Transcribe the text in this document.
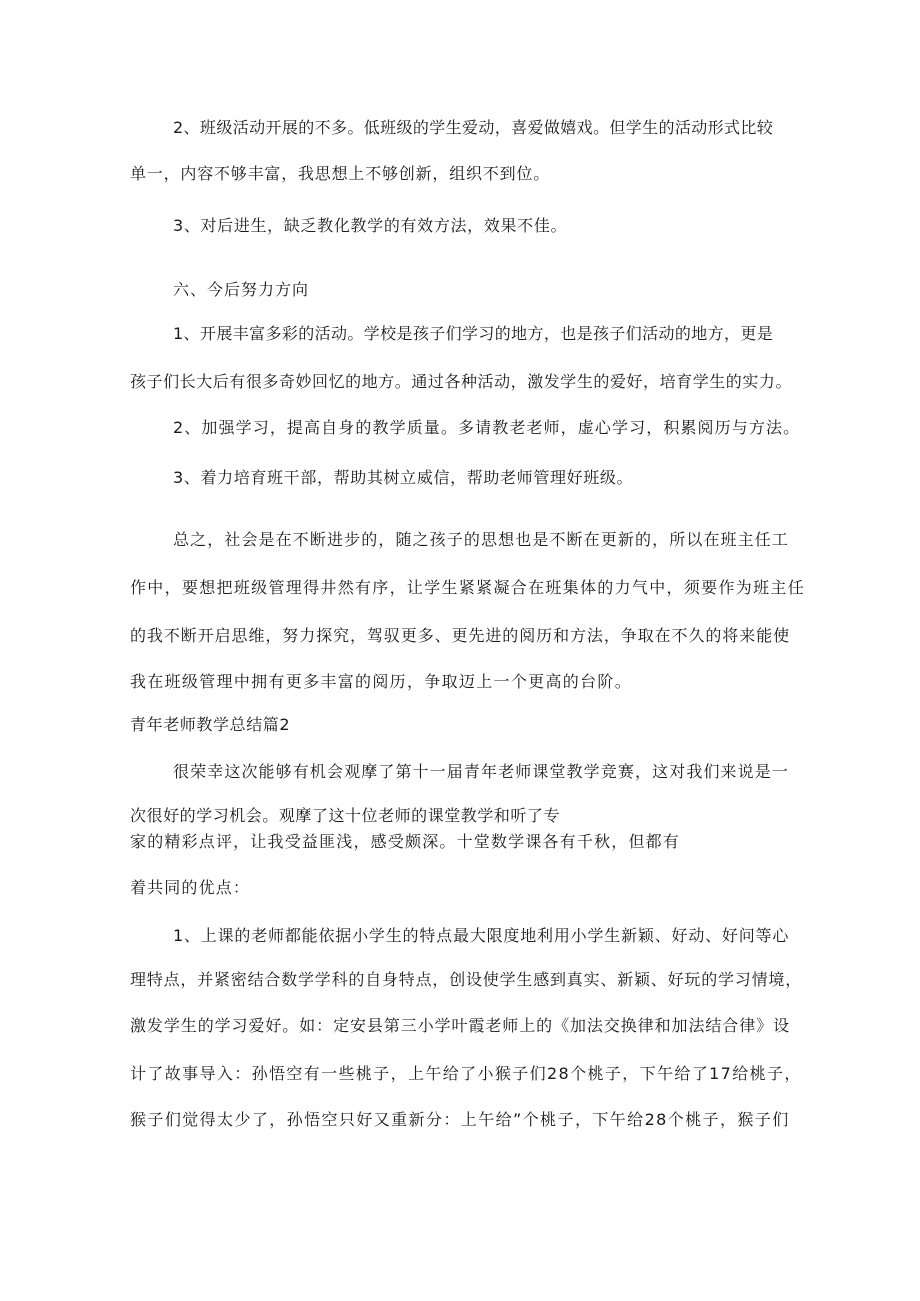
2、班级活动开展的不多。低班级的学生爱动，喜爱做嬉戏。但学生的活动形式比较

单一，内容不够丰富，我思想上不够创新，组织不到位。

3、对后进生，缺乏教化教学的有效方法，效果不佳。

六、今后努力方向

1、开展丰富多彩的活动。学校是孩子们学习的地方，也是孩子们活动的地方，更是

孩子们长大后有很多奇妙回忆的地方。通过各种活动，激发学生的爱好，培育学生的实力。

2、加强学习，提高自身的教学质量。多请教老老师，虚心学习，积累阅历与方法。

3、着力培育班干部，帮助其树立威信，帮助老师管理好班级。

总之，社会是在不断进步的，随之孩子的思想也是不断在更新的，所以在班主任工

作中，要想把班级管理得井然有序，让学生紧紧凝合在班集体的力气中，须要作为班主任

的我不断开启思维，努力探究，驾驭更多、更先进的阅历和方法，争取在不久的将来能使

我在班级管理中拥有更多丰富的阅历，争取迈上一个更高的台阶。

青年老师教学总结篇2

很荣幸这次能够有机会观摩了第十一届青年老师课堂教学竞赛，这对我们来说是一

次很好的学习机会。观摩了这十位老师的课堂教学和听了专

家的精彩点评，让我受益匪浅，感受颇深。十堂数学课各有千秋，但都有

着共同的优点：

1、上课的老师都能依据小学生的特点最大限度地利用小学生新颖、好动、好问等心

理特点，并紧密结合数学学科的自身特点，创设使学生感到真实、新颖、好玩的学习情境，

激发学生的学习爱好。如：定安县第三小学叶霞老师上的《加法交换律和加法结合律》设

计了故事导入：孙悟空有一些桃子，上午给了小猴子们28个桃子，下午给了17给桃子，

猴子们觉得太少了，孙悟空只好又重新分：上午给”个桃子，下午给28个桃子，猴子们
